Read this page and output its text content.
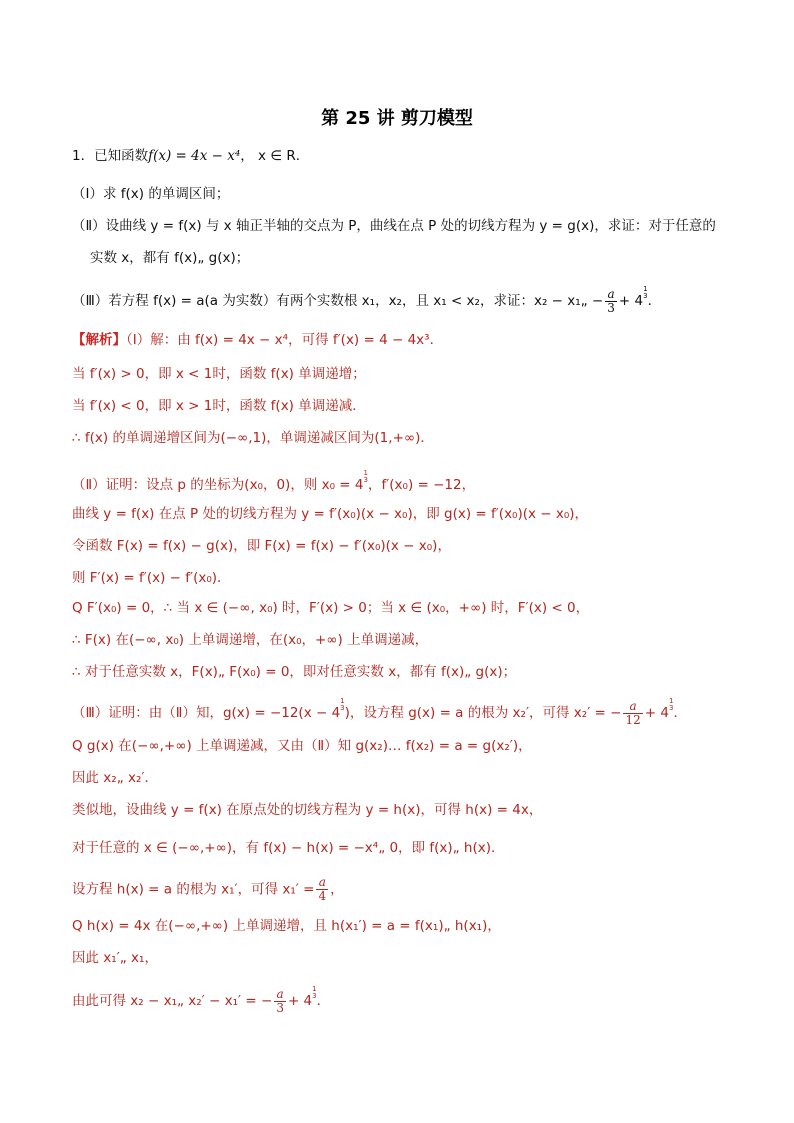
第 25 讲 剪刀模型
1．已知函数f(x) = 4x − x⁴， x ∈ R．
（Ⅰ）求 f(x) 的单调区间；
（Ⅱ）设曲线 y = f(x) 与 x 轴正半轴的交点为 P，曲线在点 P 处的切线方程为 y = g(x)，求证：对于任意的
实数 x，都有 f(x)„ g(x)；
（Ⅲ）若方程 f(x) = a(a 为实数）有两个实数根 x₁，x₂，且 x₁ < x₂，求证：x₂ − x₁„ − $\frac{a}{3} + 4$
1
3 ．
【解析】（Ⅰ）解：由 f(x) = 4x − x⁴，可得 f′(x) = 4 − 4x³．
当 f′(x) > 0，即 x < 1时，函数 f(x) 单调递增；
当 f′(x) < 0，即 x > 1时，函数 f(x) 单调递减．
∴ f(x) 的单调递增区间为(−∞,1)，单调递减区间为(1,+∞)．
（Ⅱ）证明：设点 p 的坐标为(x₀，0)，则 x₀ = 4
1
3 ，f′(x₀) = −12，
曲线 y = f(x) 在点 P 处的切线方程为 y = f′(x₀)(x − x₀)，即 g(x) = f′(x₀)(x − x₀)，
令函数 F(x) = f(x) − g(x)，即 F(x) = f(x) − f′(x₀)(x − x₀)，
则 F′(x) = f′(x) − f′(x₀)．
Q F′(x₀) = 0，∴ 当 x ∈ (−∞, x₀) 时，F′(x) > 0；当 x ∈ (x₀，+∞) 时，F′(x) < 0，
∴ F(x) 在(−∞, x₀) 上单调递增，在(x₀，+∞) 上单调递减，
∴ 对于任意实数 x，F(x)„ F(x₀) = 0，即对任意实数 x，都有 f(x)„ g(x)；
（Ⅲ）证明：由（Ⅱ）知，g(x) = −12(x − 4
1
3 )，设方程 g(x) = a 的根为 x₂′，可得 x₂′ = − $\frac{a}{12} + 4$
1
3 ．
Q g(x) 在(−∞,+∞) 上单调递减，又由（Ⅱ）知 g(x₂)… f(x₂) = a = g(x₂′)，
因此 x₂„ x₂′．
类似地，设曲线 y = f(x) 在原点处的切线方程为 y = h(x)，可得 h(x) = 4x，
对于任意的 x ∈ (−∞,+∞)，有 f(x) − h(x) = −x⁴„ 0，即 f(x)„ h(x)．
设方程 h(x) = a 的根为 x₁′，可得 $x_1' = \frac{a}{4}$ ，
Q h(x) = 4x 在(−∞,+∞) 上单调递增，且 h(x₁′) = a = f(x₁)„ h(x₁)，
因此 x₁′„ x₁，
由此可得 x₂ − x₁„ x₂′ − x₁′ = − $\frac{a}{3} + 4$
1
3 ．
